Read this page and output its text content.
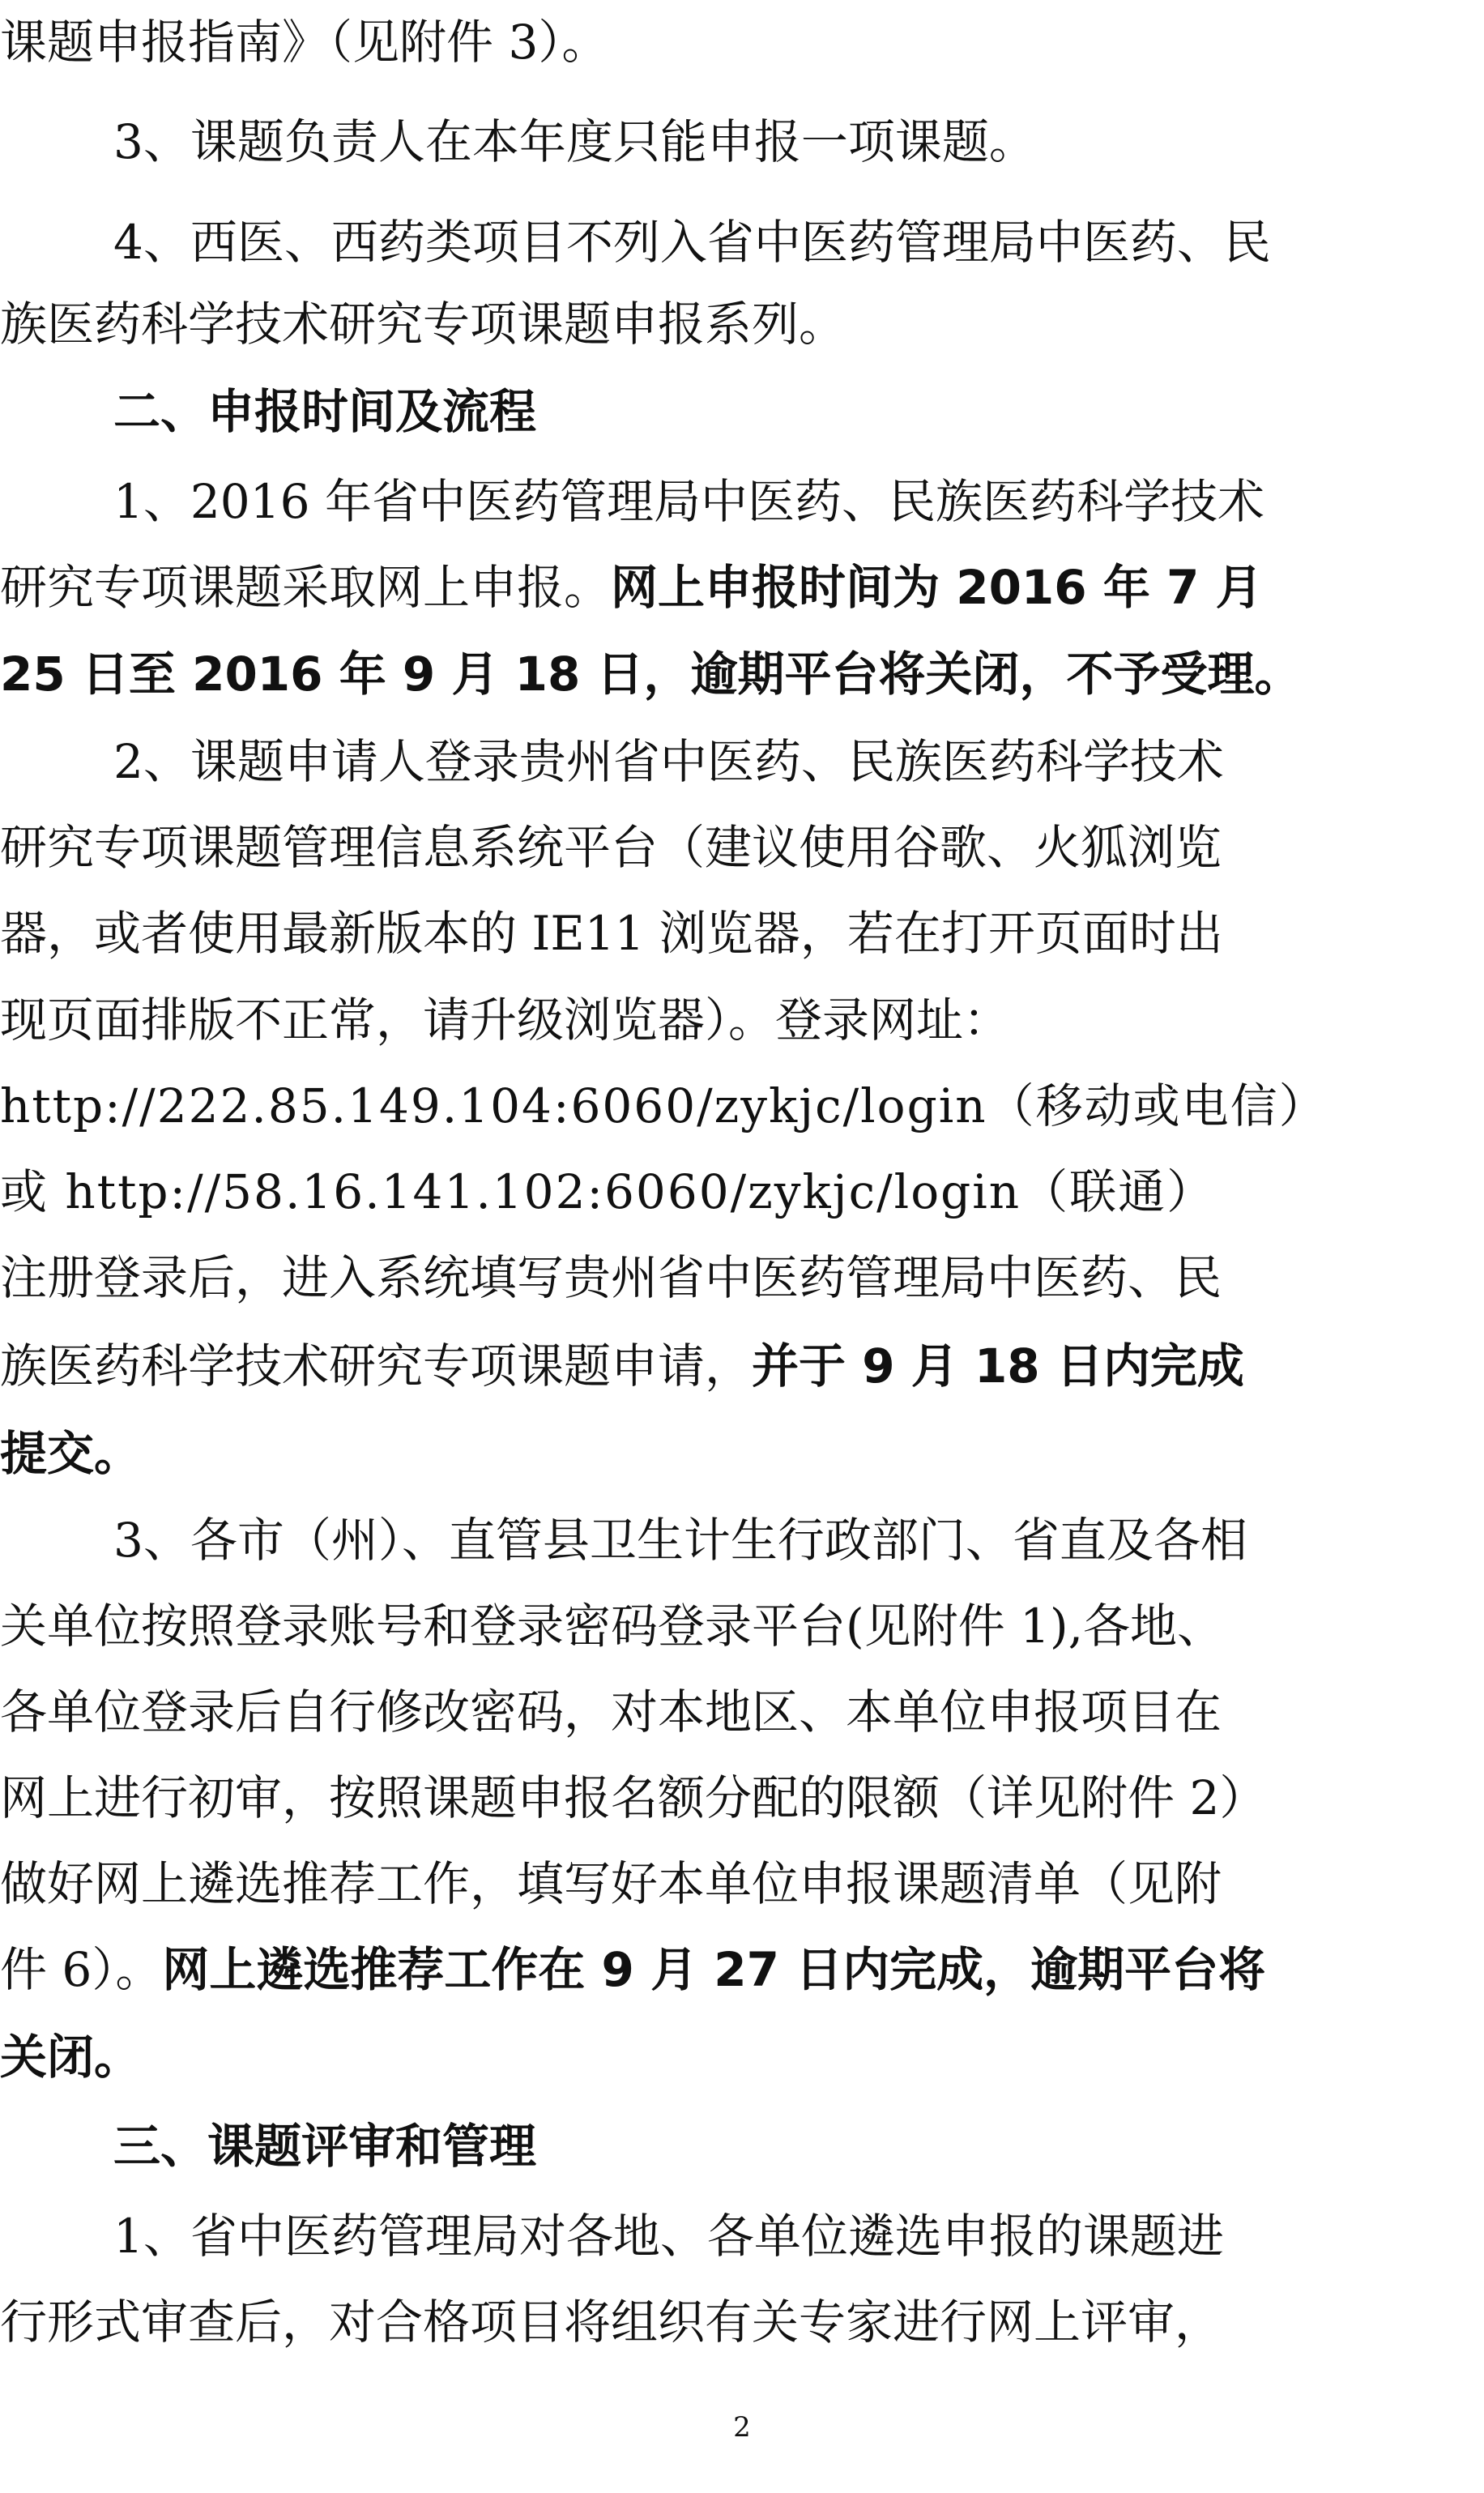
课题申报指南》（见附件 3）。
3、课题负责人在本年度只能申报一项课题。
4、西医、西药类项目不列入省中医药管理局中医药、民
族医药科学技术研究专项课题申报系列。
二、申报时间及流程
1、2016 年省中医药管理局中医药、民族医药科学技术
研究专项课题采取网上申报。网上申报时间为 2016 年 7 月
25 日至 2016 年 9 月 18 日，逾期平台将关闭，不予受理。
2、课题申请人登录贵州省中医药、民族医药科学技术
研究专项课题管理信息系统平台（建议使用谷歌、火狐浏览
器，或者使用最新版本的 IE11 浏览器，若在打开页面时出
现页面排版不正常，请升级浏览器）。登录网址：
http://222.85.149.104:6060/zykjc/login（移动或电信）
或 http://58.16.141.102:6060/zykjc/login（联通）
注册登录后，进入系统填写贵州省中医药管理局中医药、民
族医药科学技术研究专项课题申请，并于 9 月 18 日内完成
提交。
3、各市（州）、直管县卫生计生行政部门、省直及各相
关单位按照登录账号和登录密码登录平台(见附件 1),各地、
各单位登录后自行修改密码，对本地区、本单位申报项目在
网上进行初审，按照课题申报名额分配的限额（详见附件 2）
做好网上遴选推荐工作，填写好本单位申报课题清单（见附
件 6）。网上遴选推荐工作在 9 月 27 日内完成，逾期平台将
关闭。
三、课题评审和管理
1、省中医药管理局对各地、各单位遴选申报的课题进
行形式审查后，对合格项目将组织有关专家进行网上评审，
2
